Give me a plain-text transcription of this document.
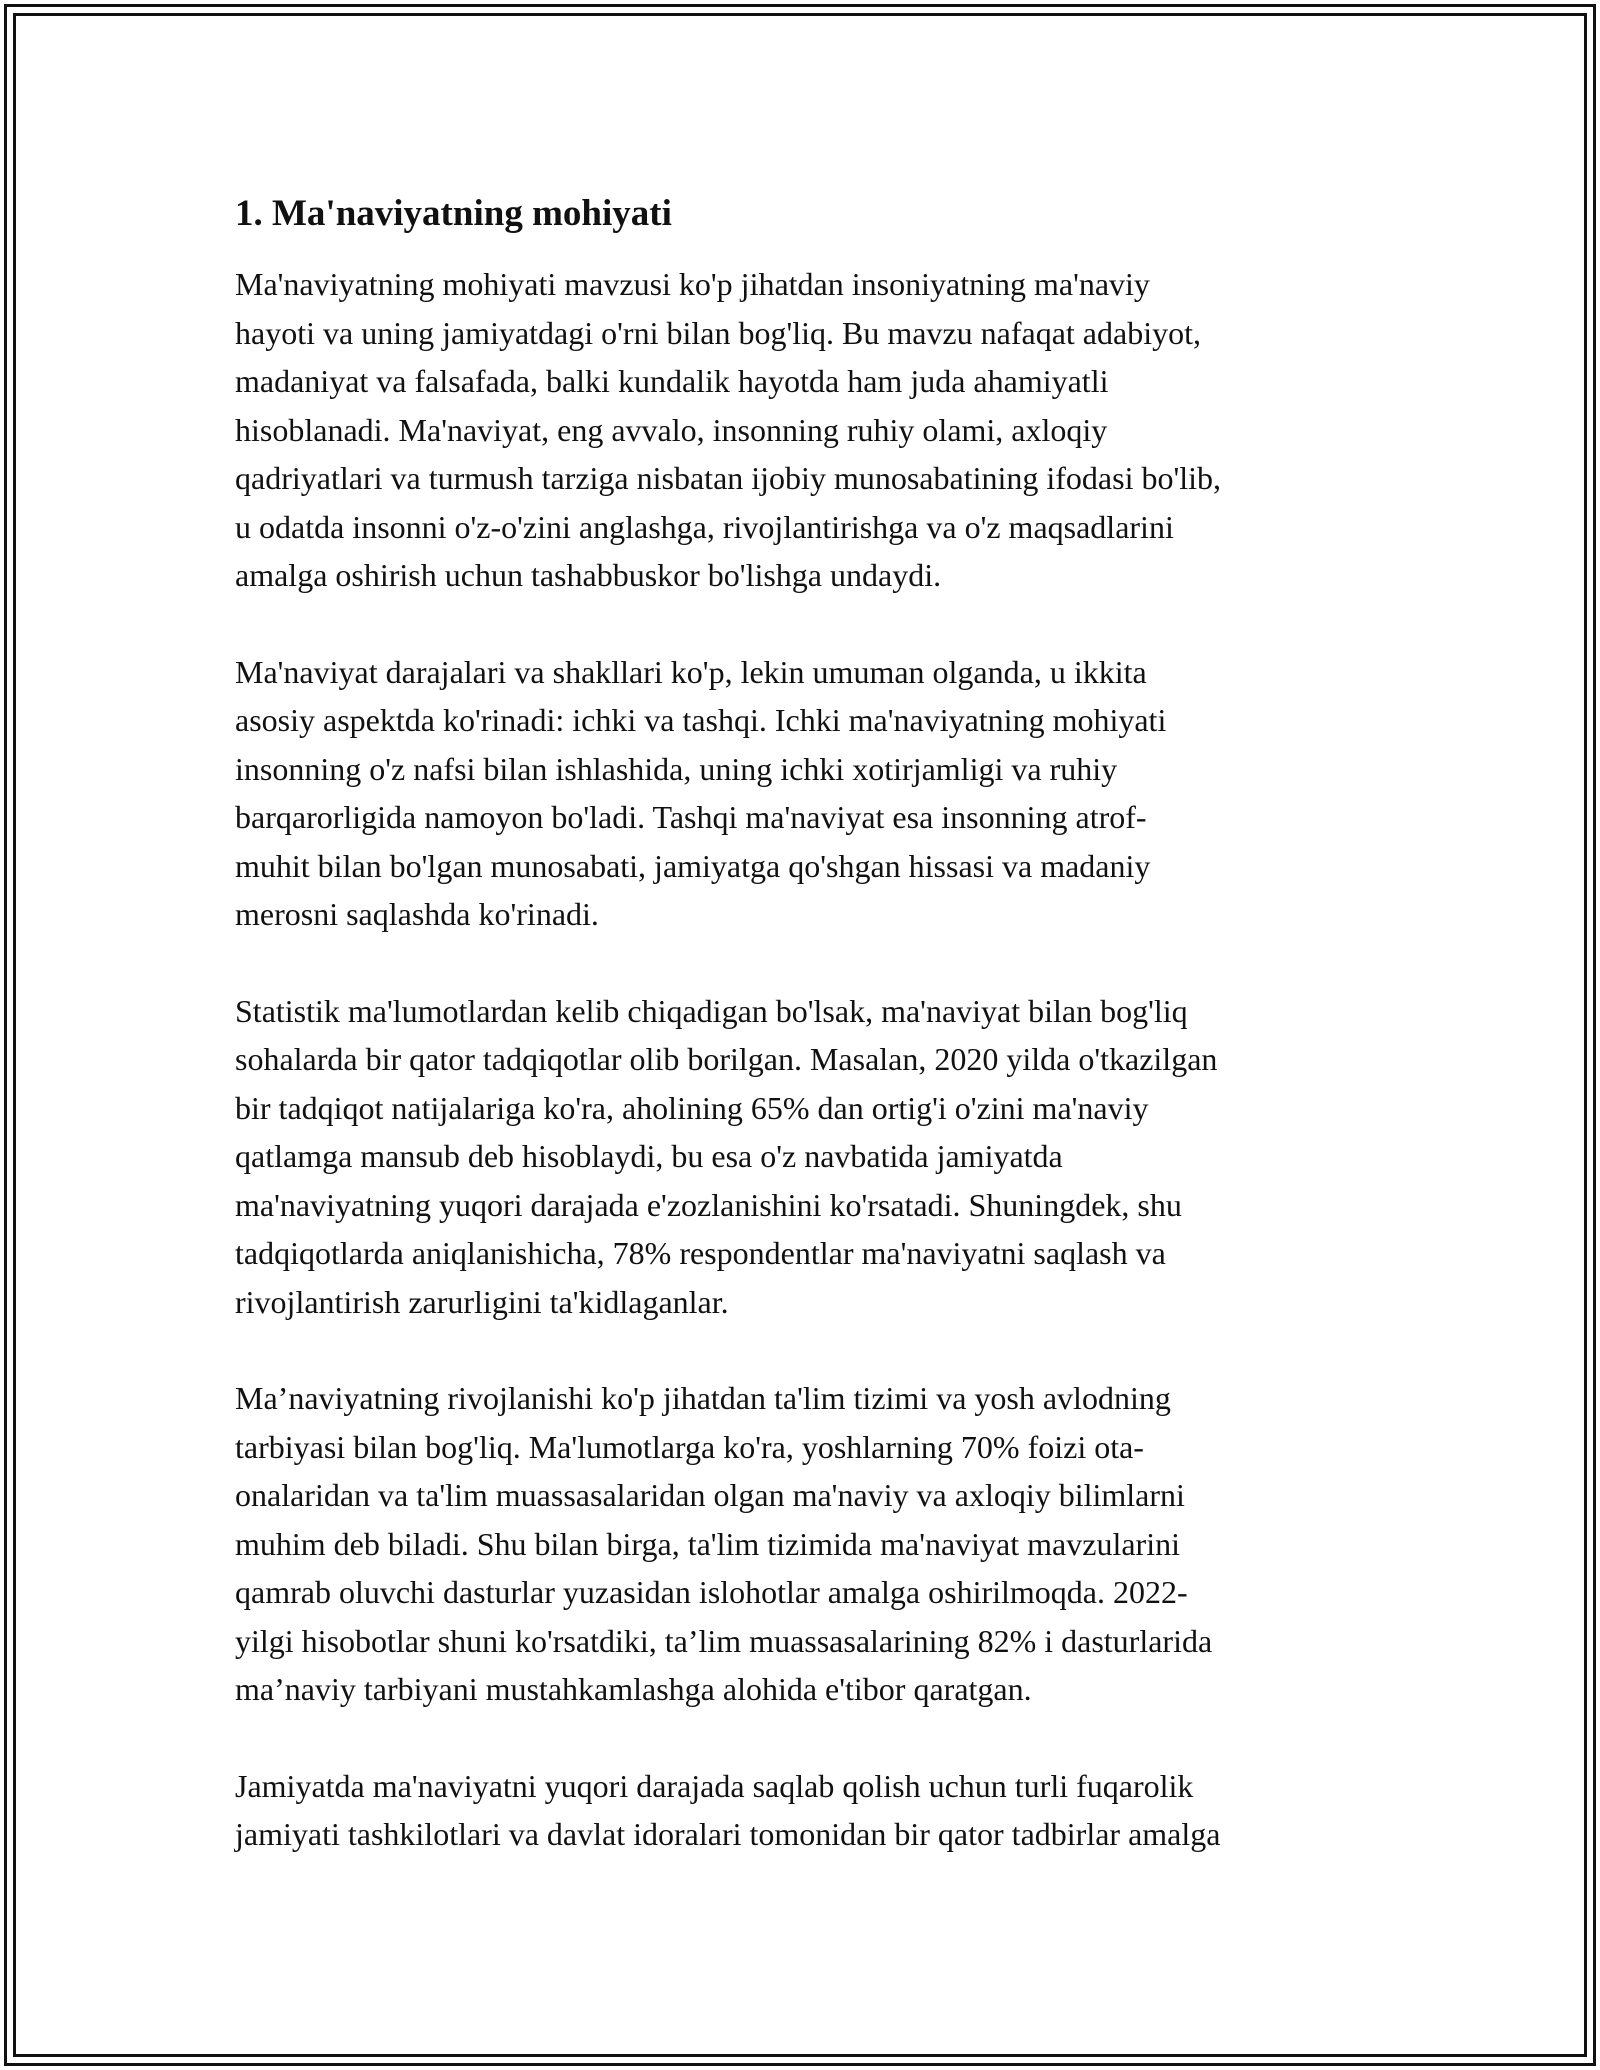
1. Ma'naviyatning mohiyati

Ma'naviyatning mohiyati mavzusi ko'p jihatdan insoniyatning ma'naviy
hayoti va uning jamiyatdagi o'rni bilan bog'liq. Bu mavzu nafaqat adabiyot,
madaniyat va falsafada, balki kundalik hayotda ham juda ahamiyatli
hisoblanadi. Ma'naviyat, eng avvalo, insonning ruhiy olami, axloqiy
qadriyatlari va turmush tarziga nisbatan ijobiy munosabatining ifodasi bo'lib,
u odatda insonni o'z-o'zini anglashga, rivojlantirishga va o'z maqsadlarini
amalga oshirish uchun tashabbuskor bo'lishga undaydi.

Ma'naviyat darajalari va shakllari ko'p, lekin umuman olganda, u ikkita
asosiy aspektda ko'rinadi: ichki va tashqi. Ichki ma'naviyatning mohiyati
insonning o'z nafsi bilan ishlashida, uning ichki xotirjamligi va ruhiy
barqarorligida namoyon bo'ladi. Tashqi ma'naviyat esa insonning atrof-
muhit bilan bo'lgan munosabati, jamiyatga qo'shgan hissasi va madaniy
merosni saqlashda ko'rinadi.

Statistik ma'lumotlardan kelib chiqadigan bo'lsak, ma'naviyat bilan bog'liq
sohalarda bir qator tadqiqotlar olib borilgan. Masalan, 2020 yilda o'tkazilgan
bir tadqiqot natijalariga ko'ra, aholining 65% dan ortig'i o'zini ma'naviy
qatlamga mansub deb hisoblaydi, bu esa o'z navbatida jamiyatda
ma'naviyatning yuqori darajada e'zozlanishini ko'rsatadi. Shuningdek, shu
tadqiqotlarda aniqlanishicha, 78% respondentlar ma'naviyatni saqlash va
rivojlantirish zarurligini ta'kidlaganlar.

Ma’naviyatning rivojlanishi ko'p jihatdan ta'lim tizimi va yosh avlodning
tarbiyasi bilan bog'liq. Ma'lumotlarga ko'ra, yoshlarning 70% foizi ota-
onalaridan va ta'lim muassasalaridan olgan ma'naviy va axloqiy bilimlarni
muhim deb biladi. Shu bilan birga, ta'lim tizimida ma'naviyat mavzularini
qamrab oluvchi dasturlar yuzasidan islohotlar amalga oshirilmoqda. 2022-
yilgi hisobotlar shuni ko'rsatdiki, ta’lim muassasalarining 82% i dasturlarida
ma’naviy tarbiyani mustahkamlashga alohida e'tibor qaratgan.

Jamiyatda ma'naviyatni yuqori darajada saqlab qolish uchun turli fuqarolik
jamiyati tashkilotlari va davlat idoralari tomonidan bir qator tadbirlar amalga
